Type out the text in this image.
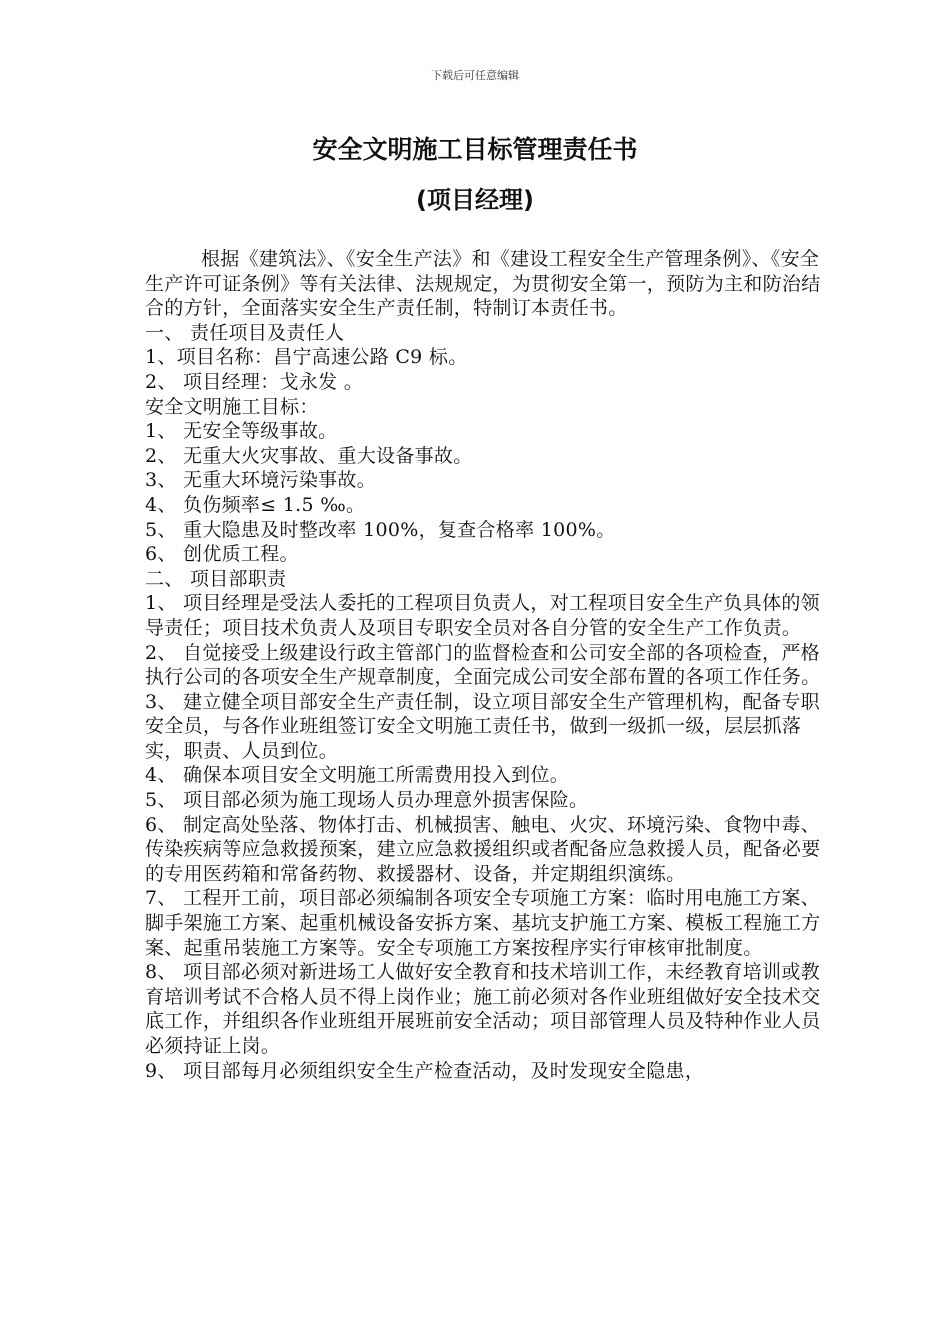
下载后可任意编辑
安全文明施工目标管理责任书
(项目经理)

根据《建筑法》、《安全生产法》和《建设工程安全生产管理条例》、《安全生产许可证条例》等有关法律、法规规定，为贯彻安全第一，预防为主和防治结合的方针，全面落实安全生产责任制，特制订本责任书。

一、 责任项目及责任人

1、项目名称：昌宁高速公路 C9 标。

2、 项目经理：戈永发 。

安全文明施工目标：

1、 无安全等级事故。

2、 无重大火灾事故、重大设备事故。

3、 无重大环境污染事故。

4、 负伤频率≤ 1.5 ‰。

5、 重大隐患及时整改率 100%，复查合格率 100%。

6、 创优质工程。

二、 项目部职责

1、 项目经理是受法人委托的工程项目负责人，对工程项目安全生产负具体的领导责任；项目技术负责人及项目专职安全员对各自分管的安全生产工作负责。

2、 自觉接受上级建设行政主管部门的监督检查和公司安全部的各项检查，严格执行公司的各项安全生产规章制度，全面完成公司安全部布置的各项工作任务。

3、 建立健全项目部安全生产责任制，设立项目部安全生产管理机构，配备专职安全员，与各作业班组签订安全文明施工责任书，做到一级抓一级，层层抓落实，职责、人员到位。

4、 确保本项目安全文明施工所需费用投入到位。

5、 项目部必须为施工现场人员办理意外损害保险。

6、 制定高处坠落、物体打击、机械损害、触电、火灾、环境污染、食物中毒、传染疾病等应急救援预案，建立应急救援组织或者配备应急救援人员，配备必要的专用医药箱和常备药物、救援器材、设备，并定期组织演练。

7、 工程开工前，项目部必须编制各项安全专项施工方案：临时用电施工方案、脚手架施工方案、起重机械设备安拆方案、基坑支护施工方案、模板工程施工方案、起重吊装施工方案等。安全专项施工方案按程序实行审核审批制度。

8、 项目部必须对新进场工人做好安全教育和技术培训工作，未经教育培训或教育培训考试不合格人员不得上岗作业；施工前必须对各作业班组做好安全技术交底工作，并组织各作业班组开展班前安全活动；项目部管理人员及特种作业人员必须持证上岗。

9、 项目部每月必须组织安全生产检查活动，及时发现安全隐患，
